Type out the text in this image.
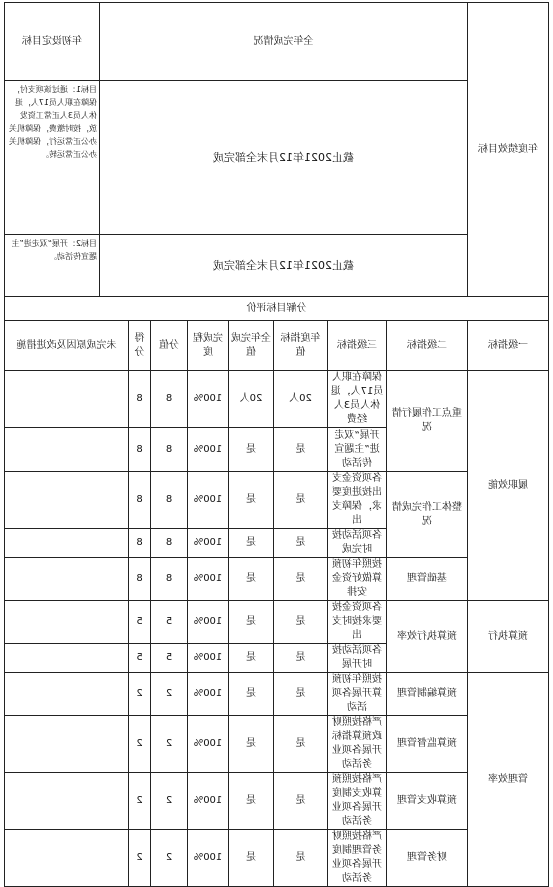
年度绩效目标	全年完成情况								年初设定目标
	截止2021年12月末全部完成								目标1：通过该项支付，保障在职人员17人，退休人员3人正常工资发放，按时缴费，保障机关办公正常运行，保障机关办公正常运转。
	截止2021年12月末全部完成								目标2：开展“双走进”主题宣传活动。
分解目标评价									
一级指标	二级指标	三级指标	年度指标值	全年完成值	完成程度	分值	得分	未完成原因及改进措施	
履职效能	重点工作履行情况	保障在职人员17人，退休人员3人经费	20人	20人	100%	8	8		
		开展“双走进”主题宣传活动	是	是	100%	8	8		
	整体工作完成情况	各项资金支出按进度要求，保障支出	是	是	100%	8	8		
		各项活动按时完成	是	是	100%	8	8		
	基础管理	按照年初预算做好资金安排	是	是	100%	8	8		
预算执行	预算执行效率	各项资金按要求按时支出	是	是	100%	5	5		
		各项活动按时开展	是	是	100%	5	5		
管理效率	预算编制管理	按照年初预算开展各项活动	是	是	100%	2	2		
	预算监督管理	严格按照财政预算指标开展各项业务活动	是	是	100%	2	2		
	预算收支管理	严格按照预算收支制度开展各项业务活动	是	是	100%	2	2		
	财务管理	严格按照财务管理制度开展各项业务活动	是	是	100%	2	2		
